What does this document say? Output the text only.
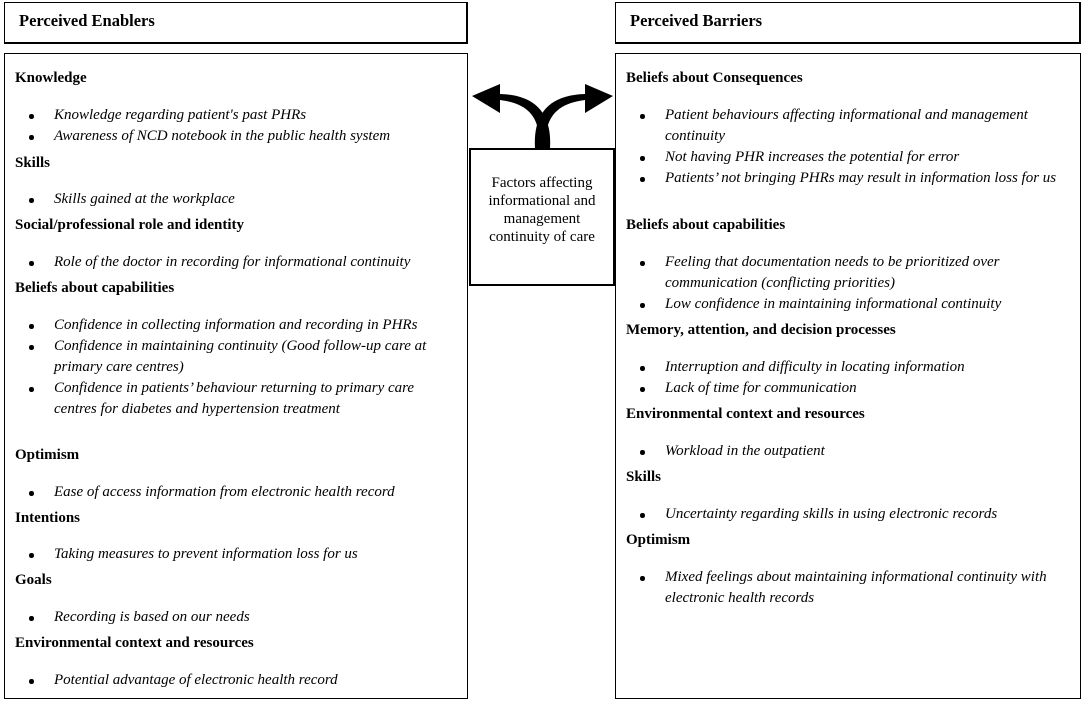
Perceived Enablers	Perceived Barriers
Knowledge
Knowledge regarding patient's past PHRs
Awareness of NCD notebook in the public health system
Skills
Skills gained at the workplace
Social/professional role and identity
Role of the doctor in recording for informational continuity
Beliefs about capabilities
Confidence in collecting information and recording in PHRs
Confidence in maintaining continuity (Good follow-up care at primary care centres)
Confidence in patients’ behaviour returning to primary care centres for diabetes and hypertension treatment
Optimism
Ease of access information from electronic health record
Intentions
Taking measures to prevent information loss for us
Goals
Recording is based on our needs
Environmental context and resources
Potential advantage of electronic health record
Factors affecting informational and management continuity of care
Beliefs about Consequences
Patient behaviours affecting informational and management continuity
Not having PHR increases the potential for error
Patients’ not bringing PHRs may result in information loss for us
Beliefs about capabilities
Feeling that documentation needs to be prioritized over communication (conflicting priorities)
Low confidence in maintaining informational continuity
Memory, attention, and decision processes
Interruption and difficulty in locating information
Lack of time for communication
Environmental context and resources
Workload in the outpatient
Skills
Uncertainty regarding skills in using electronic records
Optimism
Mixed feelings about maintaining informational continuity with electronic health records
